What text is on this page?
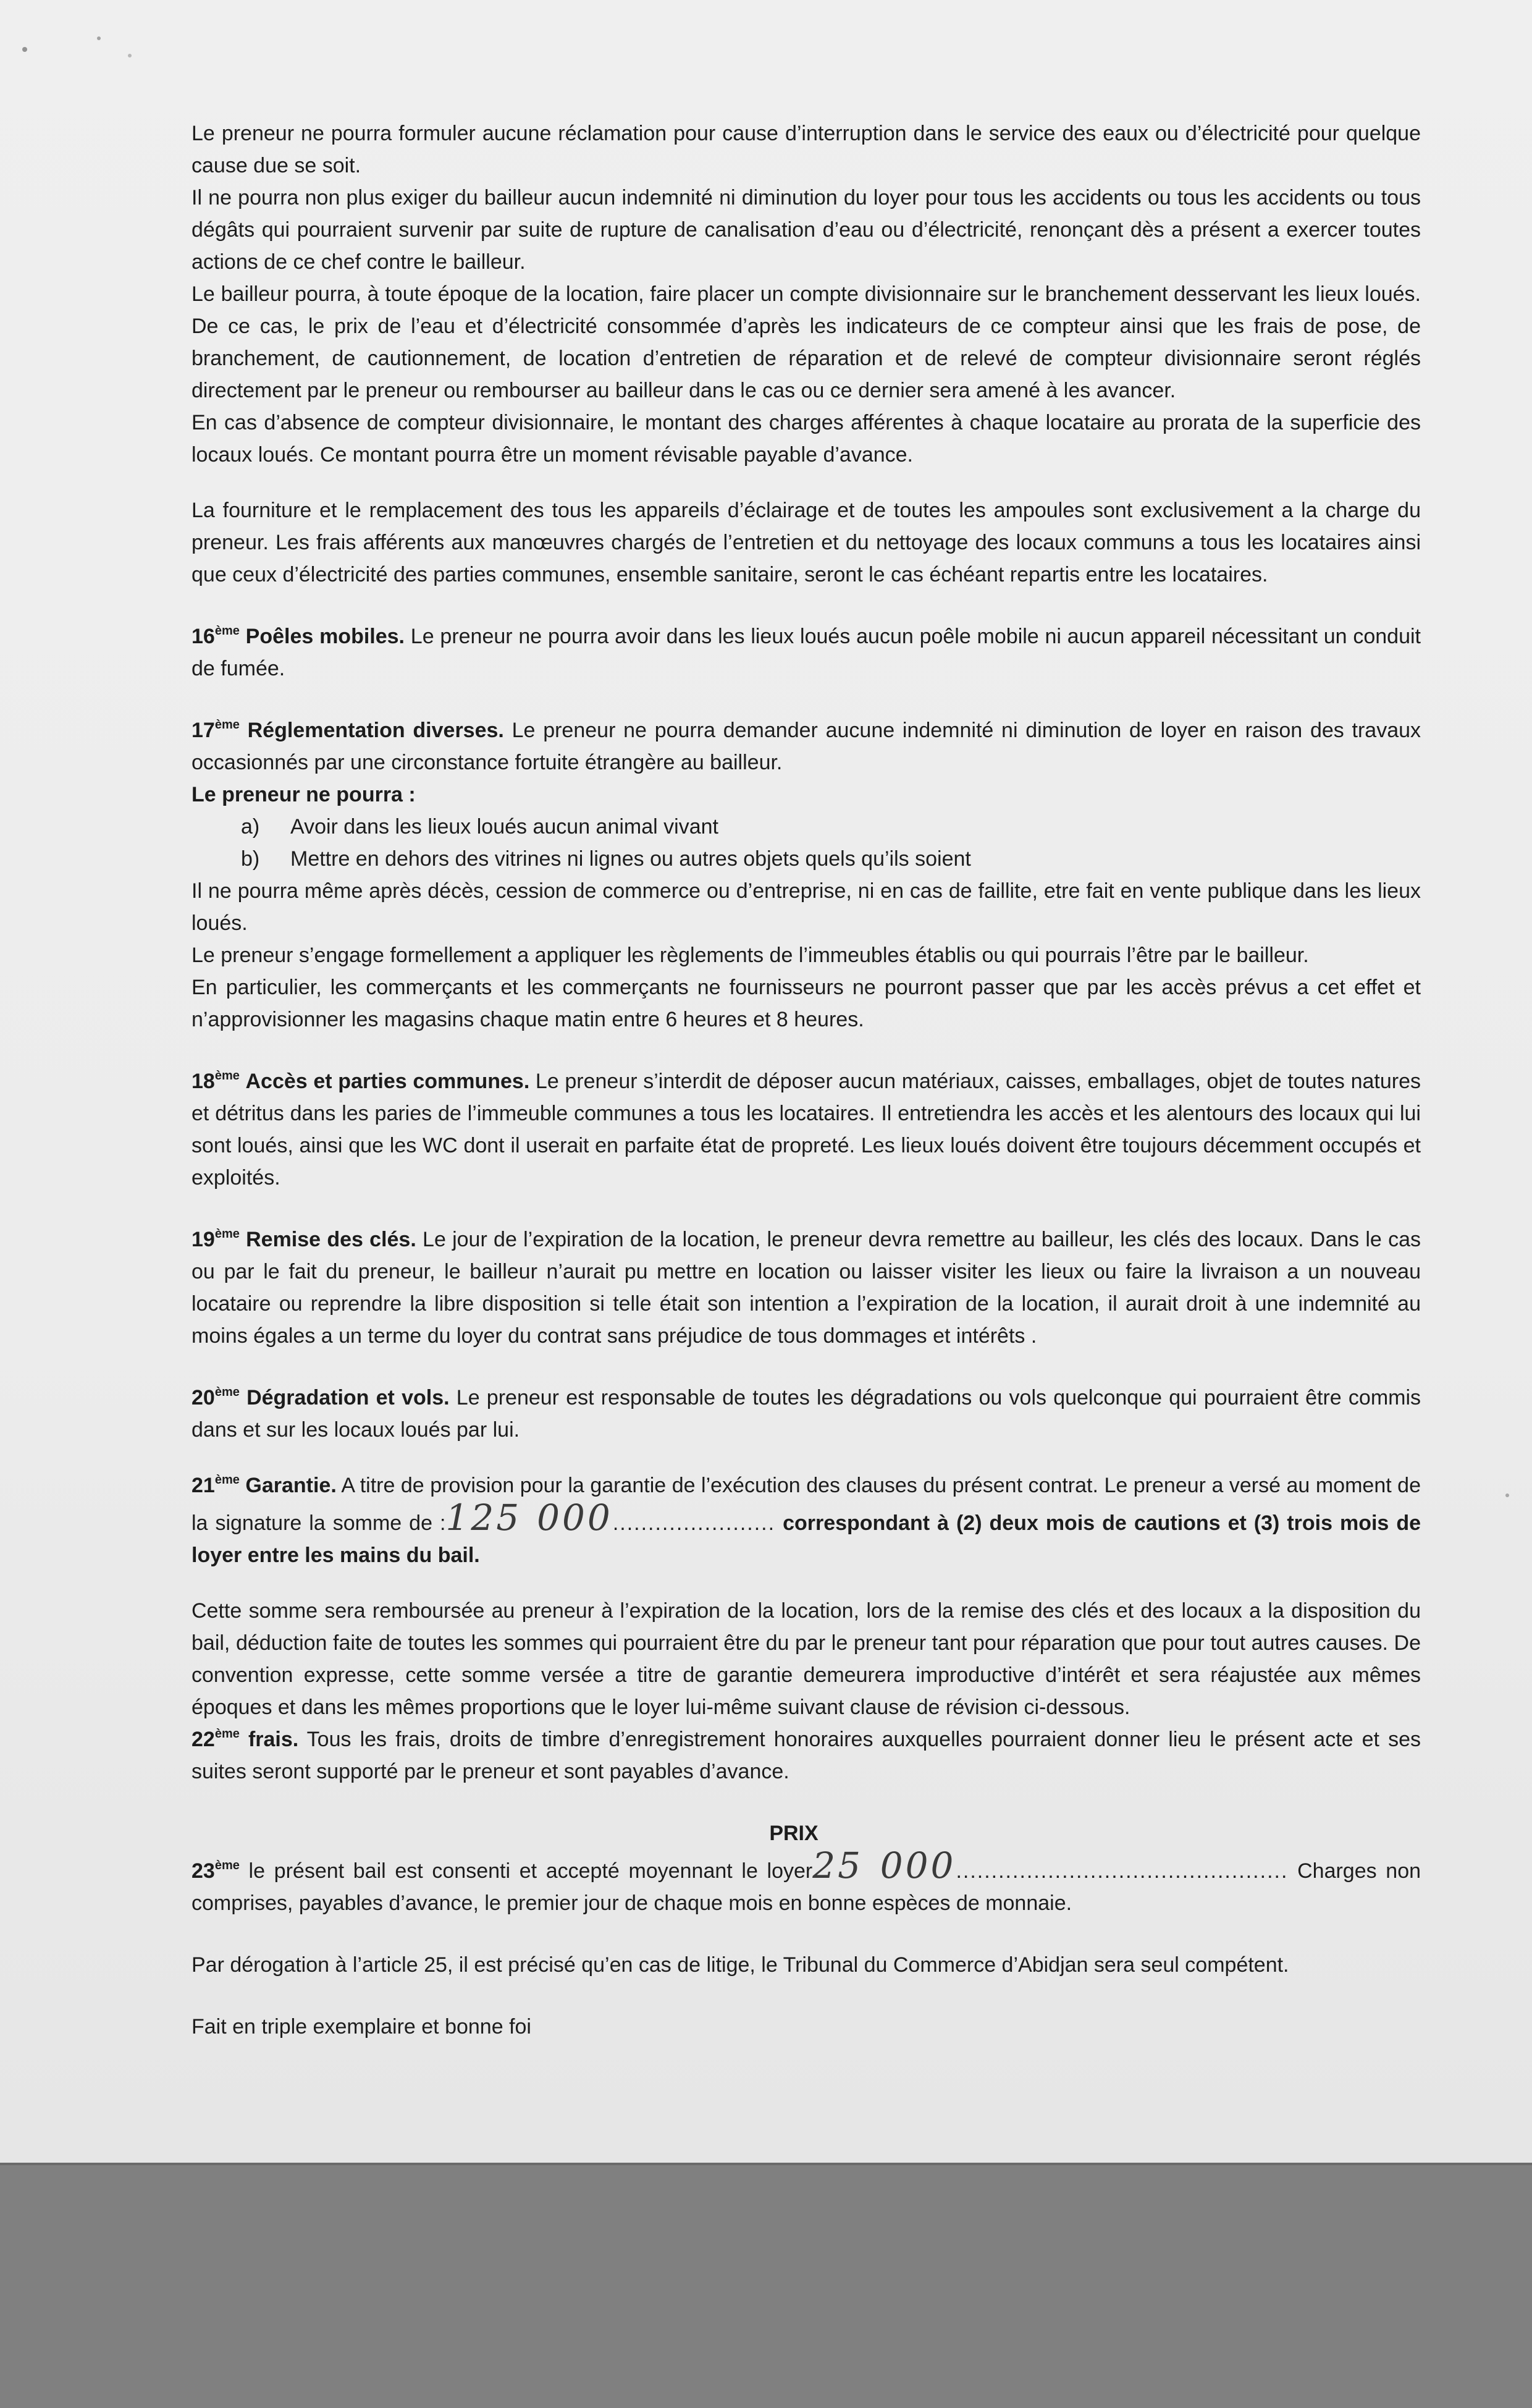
Le preneur ne pourra formuler aucune réclamation pour cause d’interruption dans le service des eaux ou d’électricité pour quelque cause due se soit.

Il ne pourra non plus exiger du bailleur aucun indemnité ni diminution du loyer pour tous les accidents ou tous les accidents ou tous dégâts qui pourraient survenir par suite de rupture de canalisation d’eau ou d’électricité, renonçant dès a présent a exercer toutes actions de ce chef contre le bailleur.

Le bailleur pourra, à toute époque de la location, faire placer un compte divisionnaire sur le branchement desservant les lieux loués. De ce cas, le prix de l’eau et d’électricité consommée d’après les indicateurs de ce compteur ainsi que les frais de pose, de branchement, de cautionnement, de location d’entretien de réparation et de relevé de compteur divisionnaire seront réglés directement par le preneur ou rembourser au bailleur dans le cas ou ce dernier sera amené à les avancer.

En cas d’absence de compteur divisionnaire, le montant des charges afférentes à chaque locataire au prorata de la superficie des locaux loués. Ce montant pourra être un moment révisable payable d’avance.

La fourniture et le remplacement des tous les appareils d’éclairage et de toutes les ampoules sont exclusivement a la charge du preneur. Les frais afférents aux manœuvres chargés de l’entretien et du nettoyage des locaux communs a tous les locataires ainsi que ceux d’électricité des parties communes, ensemble sanitaire, seront le cas échéant repartis entre les locataires.

16ème Poêles mobiles. Le preneur ne pourra avoir dans les lieux loués aucun poêle mobile ni aucun appareil nécessitant un conduit de fumée.

17ème Réglementation diverses. Le preneur ne pourra demander aucune indemnité ni diminution de loyer en raison des travaux occasionnés par une circonstance fortuite étrangère au bailleur.

Le preneur ne pourra :

a) Avoir dans les lieux loués aucun animal vivant
b) Mettre en dehors des vitrines ni lignes ou autres objets quels qu’ils soient

Il ne pourra même après décès, cession de commerce ou d’entreprise, ni en cas de faillite, etre fait en vente publique dans les lieux loués.

Le preneur s’engage formellement a appliquer les règlements de l’immeubles établis ou qui pourrais l’être par le bailleur.

En particulier, les commerçants et les commerçants ne fournisseurs ne pourront passer que par les accès prévus a cet effet et n’approvisionner les magasins chaque matin entre 6 heures et 8 heures.

18ème Accès et parties communes. Le preneur s’interdit de déposer aucun matériaux, caisses, emballages, objet de toutes natures et détritus dans les paries de l’immeuble communes a tous les locataires. Il entretiendra les accès et les alentours des locaux qui lui sont loués, ainsi que les WC dont il userait en parfaite état de propreté. Les lieux loués doivent être toujours décemment occupés et exploités.

19ème Remise des clés. Le jour de l’expiration de la location, le preneur devra remettre au bailleur, les clés des locaux. Dans le cas ou par le fait du preneur, le bailleur n’aurait pu mettre en location ou laisser visiter les lieux ou faire la livraison a un nouveau locataire ou reprendre la libre disposition si telle était son intention a l’expiration de la location, il aurait droit à une indemnité au moins égales a un terme du loyer du contrat sans préjudice de tous dommages et intérêts .

20ème Dégradation et vols. Le preneur est responsable de toutes les dégradations ou vols quelconque qui pourraient être commis dans et sur les locaux loués par lui.

21ème Garantie. A titre de provision pour la garantie de l’exécution des clauses du présent contrat. Le preneur a versé au moment de la signature la somme de :125 000....................... correspondant à (2) deux mois de cautions et (3) trois mois de loyer entre les mains du bail.

Cette somme sera remboursée au preneur à l’expiration de la location, lors de la remise des clés et des locaux a la disposition du bail, déduction faite de toutes les sommes qui pourraient être du par le preneur tant pour réparation que pour tout autres causes. De convention expresse, cette somme versée a titre de garantie demeurera improductive d’intérêt et sera réajustée aux mêmes époques et dans les mêmes proportions que le loyer lui-même suivant clause de révision ci-dessous.

22ème frais. Tous les frais, droits de timbre d’enregistrement honoraires auxquelles pourraient donner lieu le présent acte et ses suites seront supporté par le preneur et sont payables d’avance.

PRIX

23ème le présent bail est consenti et accepté moyennant le loyer25 000............................................... Charges non comprises, payables d’avance, le premier jour de chaque mois en bonne espèces de monnaie.

Par dérogation à l’article 25, il est précisé qu’en cas de litige, le Tribunal du Commerce d’Abidjan sera seul compétent.

Fait en triple exemplaire et bonne foi
